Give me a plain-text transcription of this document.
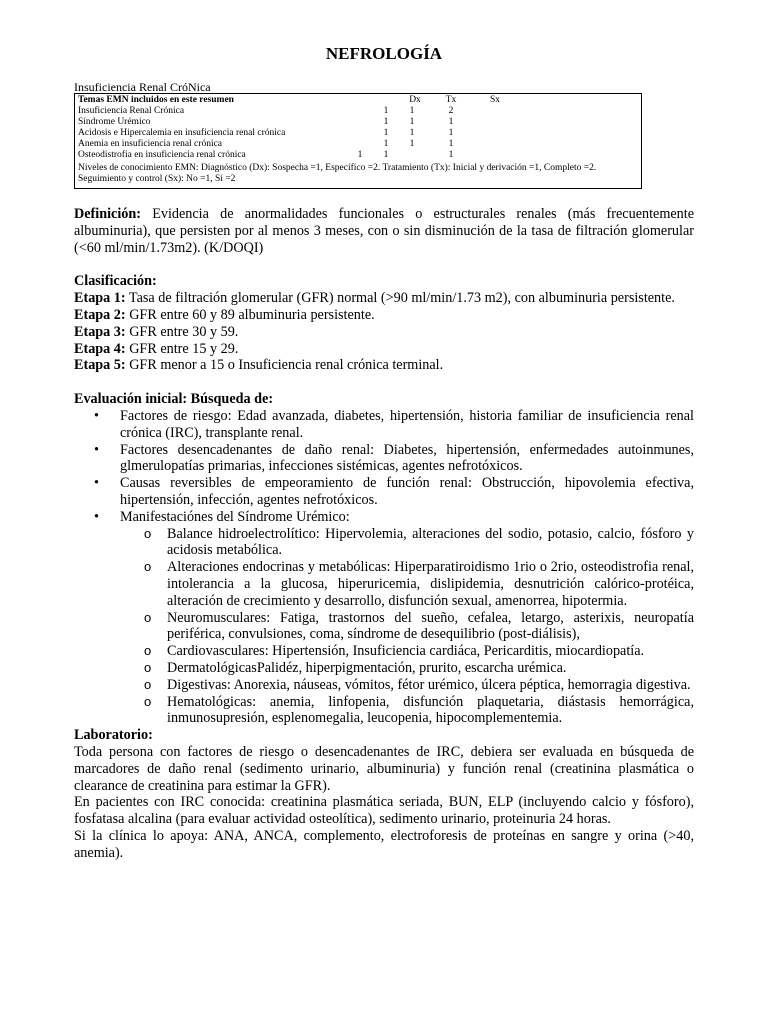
NEFROLOGÍA
Insuficiencia Renal CróNica
Temas EMN incluidos en este resumen	Dx	Tx	Sx
Insuficiencia Renal Crónica	1	1	2
Síndrome Urémico	1	1	1
Acidosis e Hipercalemia en insuficiencia renal crónica	1	1	1
Anemia en insuficiencia renal crónica	1	1	1
Osteodistrofia en insuficiencia renal crónica	1	1	1
Niveles de conocimiento EMN: Diagnóstico (Dx): Sospecha =1, Específico =2. Tratamiento (Tx): Inicial y derivación =1, Completo =2. Seguimiento y control (Sx): No =1, Sí =2

Definición: Evidencia de anormalidades funcionales o estructurales renales (más frecuentemente albuminuria), que persisten por al menos 3 meses, con o sin disminución de la tasa de filtración glomerular (<60 ml/min/1.73m2). (K/DOQI)

Clasificación:

Etapa 1: Tasa de filtración glomerular (GFR) normal (>90 ml/min/1.73 m2), con albuminuria persistente.

Etapa 2: GFR entre 60 y 89 albuminuria persistente.

Etapa 3: GFR entre 30 y 59.

Etapa 4: GFR entre 15 y 29.

Etapa 5: GFR menor a 15 o Insuficiencia renal crónica terminal.

Evaluación inicial: Búsqueda de:

• Factores de riesgo: Edad avanzada, diabetes, hipertensión, historia familiar de insuficiencia renal crónica (IRC), transplante renal.
• Factores desencadenantes de daño renal: Diabetes, hipertensión, enfermedades autoinmunes, glmerulopatías primarias, infecciones sistémicas, agentes nefrotóxicos.
• Causas reversibles de empeoramiento de función renal: Obstrucción, hipovolemia efectiva, hipertensión, infección, agentes nefrotóxicos.
• Manifestaciónes del Síndrome Urémico:
o Balance hidroelectrolítico: Hipervolemia, alteraciones del sodio, potasio, calcio, fósforo y acidosis metabólica.
o Alteraciones endocrinas y metabólicas: Hiperparatiroidismo 1rio o 2rio, osteodistrofia renal, intolerancia a la glucosa, hiperuricemia, dislipidemia, desnutrición calórico-protéica, alteración de crecimiento y desarrollo, disfunción sexual, amenorrea, hipotermia.
o Neuromusculares: Fatiga, trastornos del sueño, cefalea, letargo, asterixis, neuropatía periférica, convulsiones, coma, síndrome de desequilibrio (post-diálisis),
o Cardiovasculares: Hipertensión, Insuficiencia cardiáca, Pericarditis, miocardiopatía.
o DermatológicasPalidéz, hiperpigmentación, prurito, escarcha urémica.
o Digestivas: Anorexia, náuseas, vómitos, fétor urémico, úlcera péptica, hemorragia digestiva.
o Hematológicas: anemia, linfopenia, disfunción plaquetaria, diástasis hemorrágica, inmunosupresión, esplenomegalia, leucopenia, hipocomplementemia.

Laboratorio:

Toda persona con factores de riesgo o desencadenantes de IRC, debiera ser evaluada en búsqueda de marcadores de daño renal (sedimento urinario, albuminuria) y función renal (creatinina plasmática o clearance de creatinina para estimar la GFR).

En pacientes con IRC conocida: creatinina plasmática seriada, BUN, ELP (incluyendo calcio y fósforo), fosfatasa alcalina (para evaluar actividad osteolítica), sedimento urinario, proteinuria 24 horas.

Si la clínica lo apoya: ANA, ANCA, complemento, electroforesis de proteínas en sangre y orina (>40, anemia).
